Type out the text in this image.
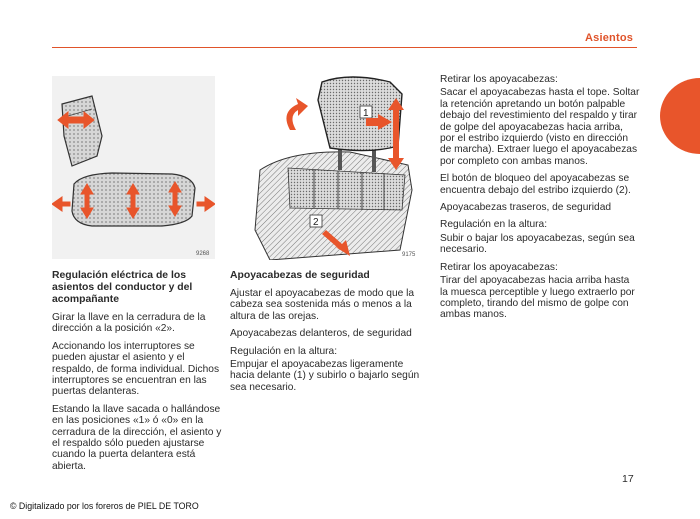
Asientos
9268
1
2
9175

Regulación eléctrica de los asientos del conductor y del acompañante

Girar la llave en la cerradura de la dirección a la posición «2».

Accionando los interruptores se pueden ajustar el asiento y el respaldo, de forma individual. Dichos interruptores se encuentran en las puertas delanteras.

Estando la llave sacada o hallándose en las posiciones «1» ó «0» en la cerradura de la dirección, el asiento y el respaldo sólo pueden ajustarse cuando la puerta delantera está abierta.

Apoyacabezas de seguridad

Ajustar el apoyacabezas de modo que la cabeza sea sostenida más o menos a la altura de las orejas.

Apoyacabezas delanteros, de seguridad

Regulación en la altura:

Empujar el apoyacabezas ligeramente hacia delante (1) y subirlo o bajarlo según sea necesario.

Retirar los apoyacabezas:

Sacar el apoyacabezas hasta el tope. Soltar la retención apretando un botón palpable debajo del revestimiento del respaldo y tirar de golpe del apoyacabezas hacia arriba, por el estribo izquierdo (visto en dirección de marcha). Extraer luego el apoyacabezas por completo con ambas manos.

El botón de bloqueo del apoyacabezas se encuentra debajo del estribo izquierdo (2).

Apoyacabezas traseros, de seguridad

Regulación en la altura:

Subir o bajar los apoyacabezas, según sea necesario.

Retirar los apoyacabezas:

Tirar del apoyacabezas hacia arriba hasta la muesca perceptible y luego extraerlo por completo, tirando del mismo de golpe con ambas manos.

17
© Digitalizado por los foreros de PIEL DE TORO
